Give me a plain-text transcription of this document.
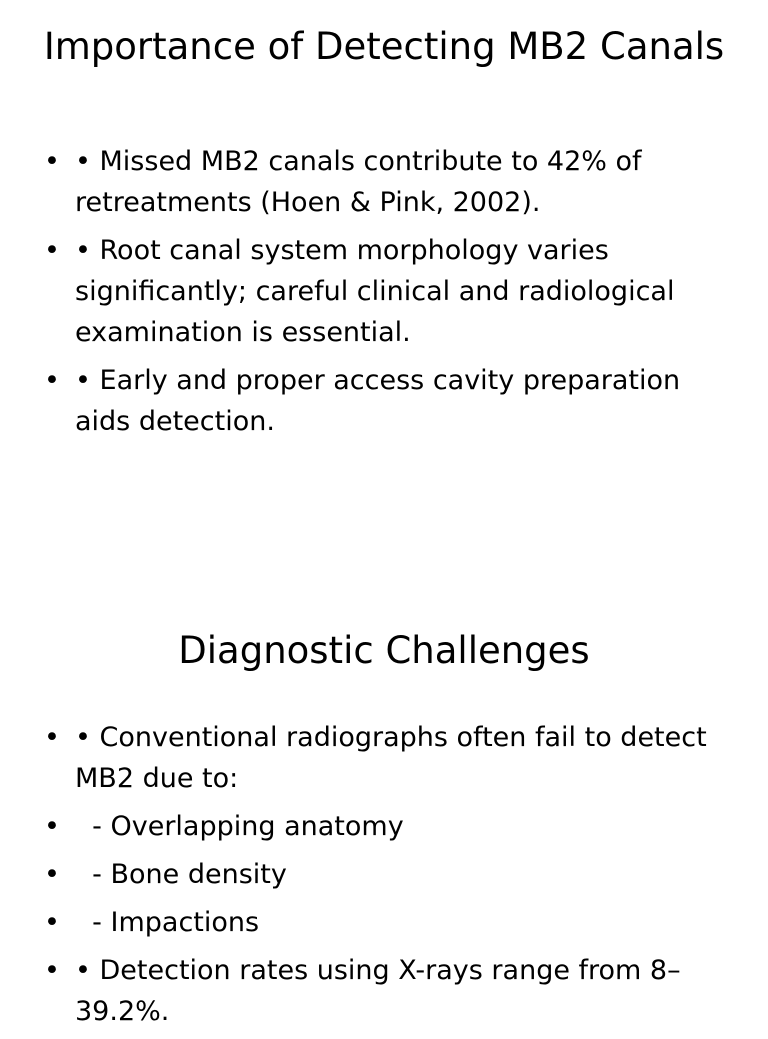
Importance of Detecting MB2 Canals
• • Missed MB2 canals contribute to 42% of retreatments (Hoen & Pink, 2002).
• • Root canal system morphology varies significantly; careful clinical and radiological examination is essential.
• • Early and proper access cavity preparation aids detection.
Diagnostic Challenges
• • Conventional radiographs often fail to detect MB2 due to:
•   - Overlapping anatomy
•   - Bone density
•   - Impactions
• • Detection rates using X-rays range from 8–39.2%.
